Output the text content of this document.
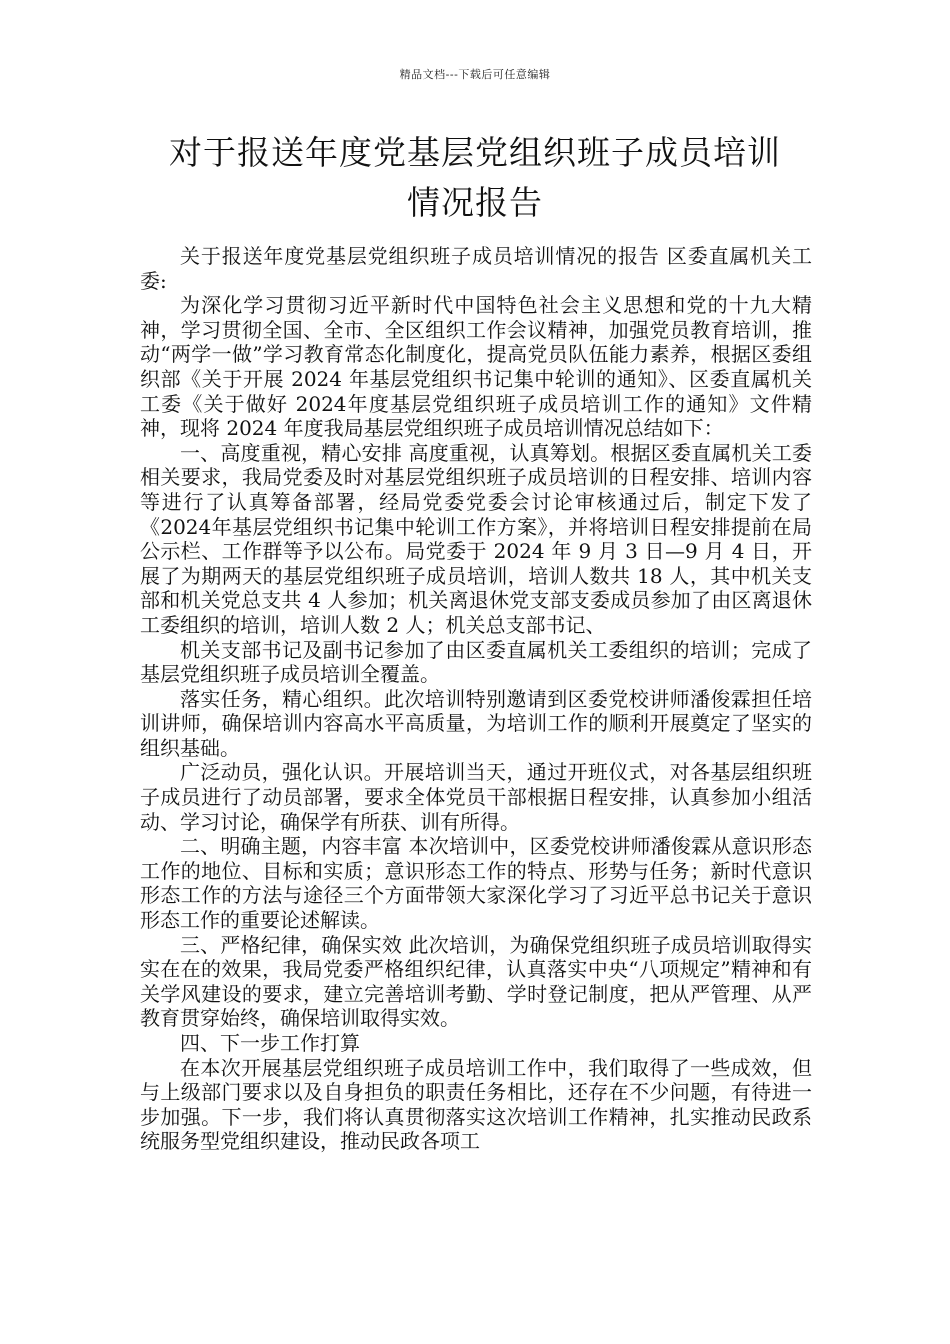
精品文档---下载后可任意编辑
对于报送年度党基层党组织班子成员培训
情况报告

关于报送年度党基层党组织班子成员培训情况的报告 区委直属机关工委:

为深化学习贯彻习近平新时代中国特色社会主义思想和党的十九大精神，学习贯彻全国、全市、全区组织工作会议精神，加强党员教育培训，推动“两学一做”学习教育常态化制度化，提高党员队伍能力素养，根据区委组织部《关于开展 2024 年基层党组织书记集中轮训的通知》、区委直属机关工委《关于做好 2024年度基层党组织班子成员培训工作的通知》文件精神，现将 2024 年度我局基层党组织班子成员培训情况总结如下：

一、高度重视，精心安排 高度重视，认真筹划。根据区委直属机关工委相关要求，我局党委及时对基层党组织班子成员培训的日程安排、培训内容等进行了认真筹备部署，经局党委党委会讨论审核通过后，制定下发了《2024年基层党组织书记集中轮训工作方案》，并将培训日程安排提前在局公示栏、工作群等予以公布。局党委于 2024 年 9 月 3 日—9 月 4 日，开展了为期两天的基层党组织班子成员培训，培训人数共 18 人，其中机关支部和机关党总支共 4 人参加；机关离退休党支部支委成员参加了由区离退休工委组织的培训，培训人数 2 人；机关总支部书记、

机关支部书记及副书记参加了由区委直属机关工委组织的培训；完成了基层党组织班子成员培训全覆盖。

落实任务，精心组织。此次培训特别邀请到区委党校讲师潘俊霖担任培训讲师，确保培训内容高水平高质量，为培训工作的顺利开展奠定了坚实的组织基础。

广泛动员，强化认识。开展培训当天，通过开班仪式，对各基层组织班子成员进行了动员部署，要求全体党员干部根据日程安排，认真参加小组活动、学习讨论，确保学有所获、训有所得。

二、明确主题，内容丰富 本次培训中，区委党校讲师潘俊霖从意识形态工作的地位、目标和实质；意识形态工作的特点、形势与任务；新时代意识形态工作的方法与途径三个方面带领大家深化学习了习近平总书记关于意识形态工作的重要论述解读。

三、严格纪律，确保实效 此次培训，为确保党组织班子成员培训取得实实在在的效果，我局党委严格组织纪律，认真落实中央“八项规定”精神和有关学风建设的要求，建立完善培训考勤、学时登记制度，把从严管理、从严教育贯穿始终，确保培训取得实效。

四、下一步工作打算

在本次开展基层党组织班子成员培训工作中，我们取得了一些成效，但与上级部门要求以及自身担负的职责任务相比，还存在不少问题，有待进一步加强。下一步，我们将认真贯彻落实这次培训工作精神，扎实推动民政系统服务型党组织建设，推动民政各项工
